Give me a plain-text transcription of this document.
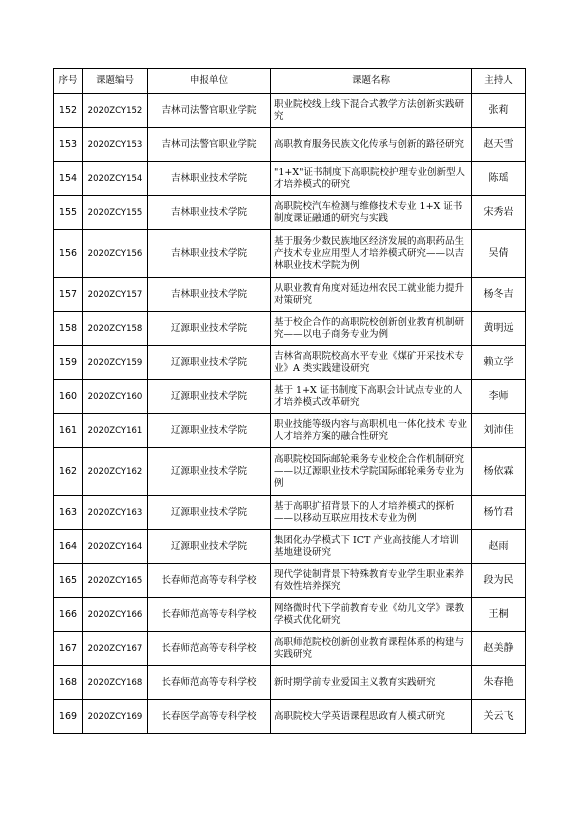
序号	课题编号	申报单位	课题名称	主持人
152	2020ZCY152	吉林司法警官职业学院	职业院校线上线下混合式教学方法创新实践研究	张莉
153	2020ZCY153	吉林司法警官职业学院	高职教育服务民族文化传承与创新的路径研究	赵天雪
154	2020ZCY154	吉林职业技术学院	"1+X"证书制度下高职院校护理专业创新型人才培养模式的研究	陈瑶
155	2020ZCY155	吉林职业技术学院	高职院校汽车检测与维修技术专业 1+X 证书制度课证融通的研究与实践	宋秀岩
156	2020ZCY156	吉林职业技术学院	基于服务少数民族地区经济发展的高职药品生产技术专业应用型人才培养模式研究——以吉林职业技术学院为例	吴倩
157	2020ZCY157	吉林职业技术学院	从职业教育角度对延边州农民工就业能力提升对策研究	杨冬吉
158	2020ZCY158	辽源职业技术学院	基于校企合作的高职院校创新创业教育机制研究——以电子商务专业为例	黄明远
159	2020ZCY159	辽源职业技术学院	吉林省高职院校高水平专业《煤矿开采技术专业》A 类实践建设研究	赖立学
160	2020ZCY160	辽源职业技术学院	基于 1+X 证书制度下高职会计试点专业的人才培养模式改革研究	李师
161	2020ZCY161	辽源职业技术学院	职业技能等级内容与高职机电一体化技术 专业人才培养方案的融合性研究	刘沛佳
162	2020ZCY162	辽源职业技术学院	高职院校国际邮轮乘务专业校企合作机制研究——以辽源职业技术学院国际邮轮乘务专业为例	杨依霖
163	2020ZCY163	辽源职业技术学院	基于高职扩招背景下的人才培养模式的探析——以移动互联应用技术专业为例	杨竹君
164	2020ZCY164	辽源职业技术学院	集团化办学模式下 ICT 产业高技能人才培训基地建设研究	赵雨
165	2020ZCY165	长春师范高等专科学校	现代学徒制背景下特殊教育专业学生职业素养有效性培养探究	段为民
166	2020ZCY166	长春师范高等专科学校	网络微时代下学前教育专业《幼儿文学》课教学模式优化研究	王桐
167	2020ZCY167	长春师范高等专科学校	高职师范院校创新创业教育课程体系的构建与实践研究	赵美静
168	2020ZCY168	长春师范高等专科学校	新时期学前专业爱国主义教育实践研究	朱春艳
169	2020ZCY169	长春医学高等专科学校	高职院校大学英语课程思政育人模式研究	关云飞
